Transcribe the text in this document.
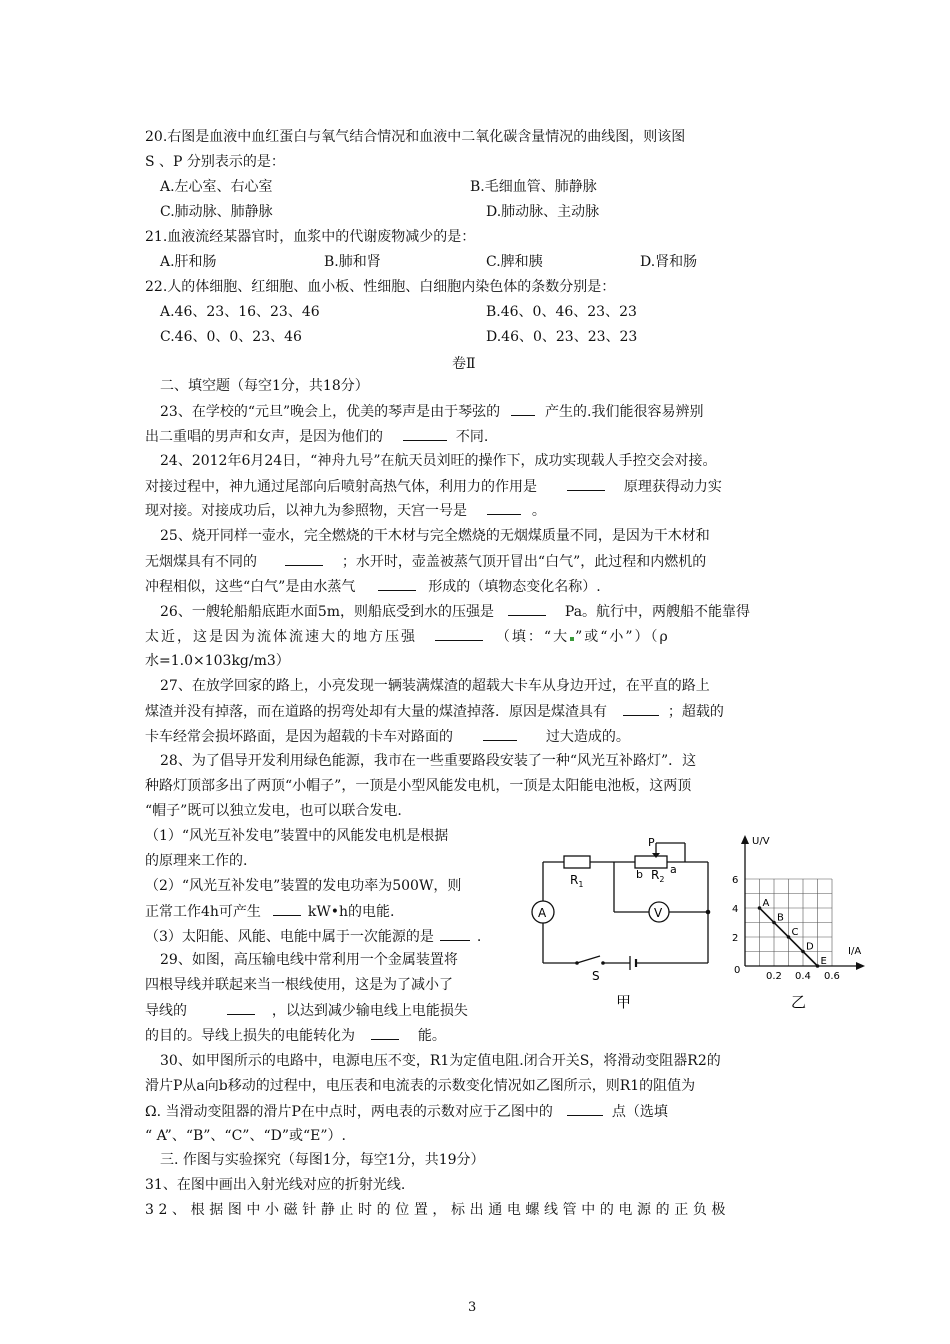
20.右图是血液中血红蛋白与氧气结合情况和血液中二氧化碳含量情况的曲线图，则该图
S 、P 分别表示的是：
A.左心室、右心室	B.毛细血管、肺静脉
C.肺动脉、肺静脉	D.肺动脉、主动脉
21.血液流经某器官时，血浆中的代谢废物减少的是：
A.肝和肠	B.肺和肾	C.脾和胰	D.肾和肠
22.人的体细胞、红细胞、血小板、性细胞、白细胞内染色体的条数分别是：
A.46、23、16、23、46	B.46、0、46、23、23
C.46、0、0、23、46	D.46、0、23、23、23
卷Ⅱ
二、填空题（每空1分，共18分）
23、在学校的“元旦”晚会上，优美的琴声是由于琴弦的	产生的.我们能很容易辨别
出二重唱的男声和女声，是因为他们的	不同.
24、2012年6月24日，“神舟九号”在航天员刘旺的操作下，成功实现载人手控交会对接。
对接过程中，神九通过尾部向后喷射高热气体，利用力的作用是	原理获得动力实
现对接。对接成功后，以神九为参照物，天宫一号是	。
25、烧开同样一壶水，完全燃烧的干木材与完全燃烧的无烟煤质量不同，是因为干木材和
无烟煤具有不同的	；水开时，壶盖被蒸气顶开冒出“白气”，此过程和内燃机的
冲程相似，这些“白气”是由水蒸气	形成的（填物态变化名称）.
26、一艘轮船船底距水面5m，则船底受到水的压强是	Pa。航行中，两艘船不能靠得
太近，这是因为流体流速大的地方压强	（填：“大 ”或“小”）（ρ
水=1.0×103kg/m3）
27、在放学回家的路上，小亮发现一辆装满煤渣的超载大卡车从身边开过，在平直的路上
煤渣并没有掉落，而在道路的拐弯处却有大量的煤渣掉落．原因是煤渣具有	；超载的
卡车经常会损坏路面，是因为超载的卡车对路面的	过大造成的。
28、为了倡导开发利用绿色能源，我市在一些重要路段安装了一种“风光互补路灯”．这
种路灯顶部多出了两顶“小帽子”，一顶是小型风能发电机，一顶是太阳能电池板，这两顶
“帽子”既可以独立发电，也可以联合发电.
（1）“风光互补发电”装置中的风能发电机是根据
的原理来工作的.
（2）“风光互补发电”装置的发电功率为500W，则
正常工作4h可产生	kW•h的电能.
（3）太阳能、风能、电能中属于一次能源的是	.
29、如图，高压输电线中常利用一个金属装置将
四根导线并联起来当一根线使用，这是为了减小了
导线的	，以达到减少输电线上电能损失
的目的。导线上损失的电能转化为	能。
30、如甲图所示的电路中，电源电压不变，R1为定值电阻.闭合开关S，将滑动变阻器R2的
滑片P从a向b移动的过程中，电压表和电流表的示数变化情况如乙图所示，则R1的阻值为
Ω. 当滑动变阻器的滑片P在中点时，两电表的示数对应于乙图中的	点（选填
“ A”、“B”、“C”、“D”或“E”）.
三. 作图与实验探究（每图1分，每空1分，共19分）
31、在图中画出入射光线对应的折射光线.
32、根据图中小磁针静止时的位置，标出通电螺线管中的电源的正负极
A	V
P
$R_1$
b $R_2$
a
S
甲
A
B
C
D
E
6
4
2
0.2 0.4 0.6
U/V
I/A
0
乙
3
